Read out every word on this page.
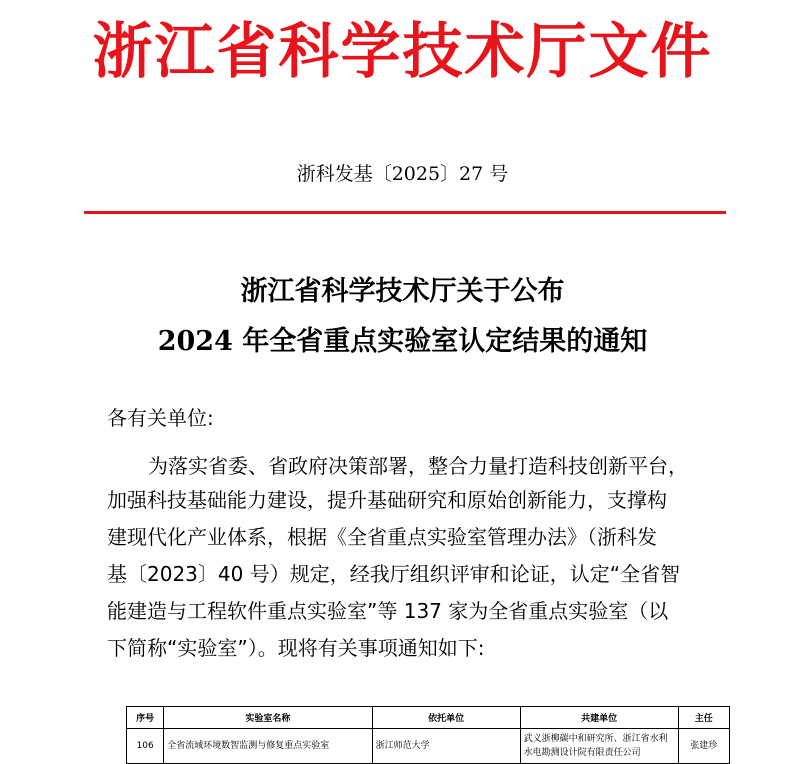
浙江省科学技术厅文件
浙科发基〔2025〕27 号
浙江省科学技术厅关于公布
2024 年全省重点实验室认定结果的通知
各有关单位:
为落实省委、省政府决策部署，整合力量打造科技创新平台，
加强科技基础能力建设，提升基础研究和原始创新能力，支撑构
建现代化产业体系，根据《全省重点实验室管理办法》（浙科发
基〔2023〕40 号）规定，经我厅组织评审和论证，认定“全省智
能建造与工程软件重点实验室”等 137 家为全省重点实验室（以
下简称“实验室”）。现将有关事项通知如下:
序号	实验室名称	依托单位	共建单位	主任
106	全省流域环境数智监测与修复重点实验室	浙江师范大学	武义浙柳碳中和研究所、浙江省水利水电勘测设计院有限责任公司	张建珍
